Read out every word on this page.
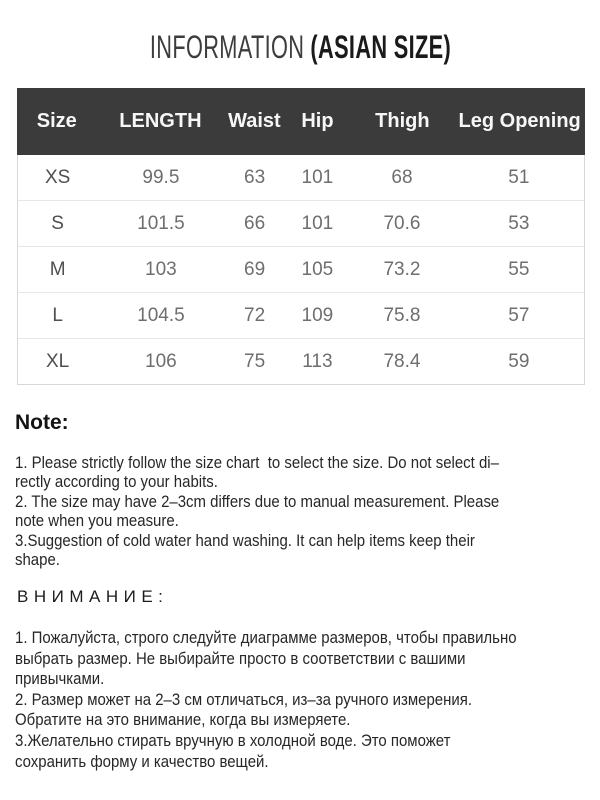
INFORMATION (ASIAN SIZE)
Size	LENGTH	Waist	Hip	Thigh	Leg Opening
XS	99.5	63	101	68	51
S	101.5	66	101	70.6	53
M	103	69	105	73.2	55
L	104.5	72	109	75.8	57
XL	106	75	113	78.4	59
Note:
1. Please strictly follow the size chart  to select the size. Do not select di–
rectly according to your habits.
2. The size may have 2–3cm differs due to manual measurement. Please
note when you measure.
3.Suggestion of cold water hand washing. It can help items keep their
shape.
ВНИМАНИЕ:
1. Пожалуйста, строго следуйте диаграмме размеров, чтобы правильно
выбрать размер. Не выбирайте просто в соответствии с вашими
привычками.
2. Размер может на 2–3 см отличаться, из–за ручного измерения.
Обратите на это внимание, когда вы измеряете.
3.Желательно стирать вручную в холодной воде. Это поможет
сохранить форму и качество вещей.
